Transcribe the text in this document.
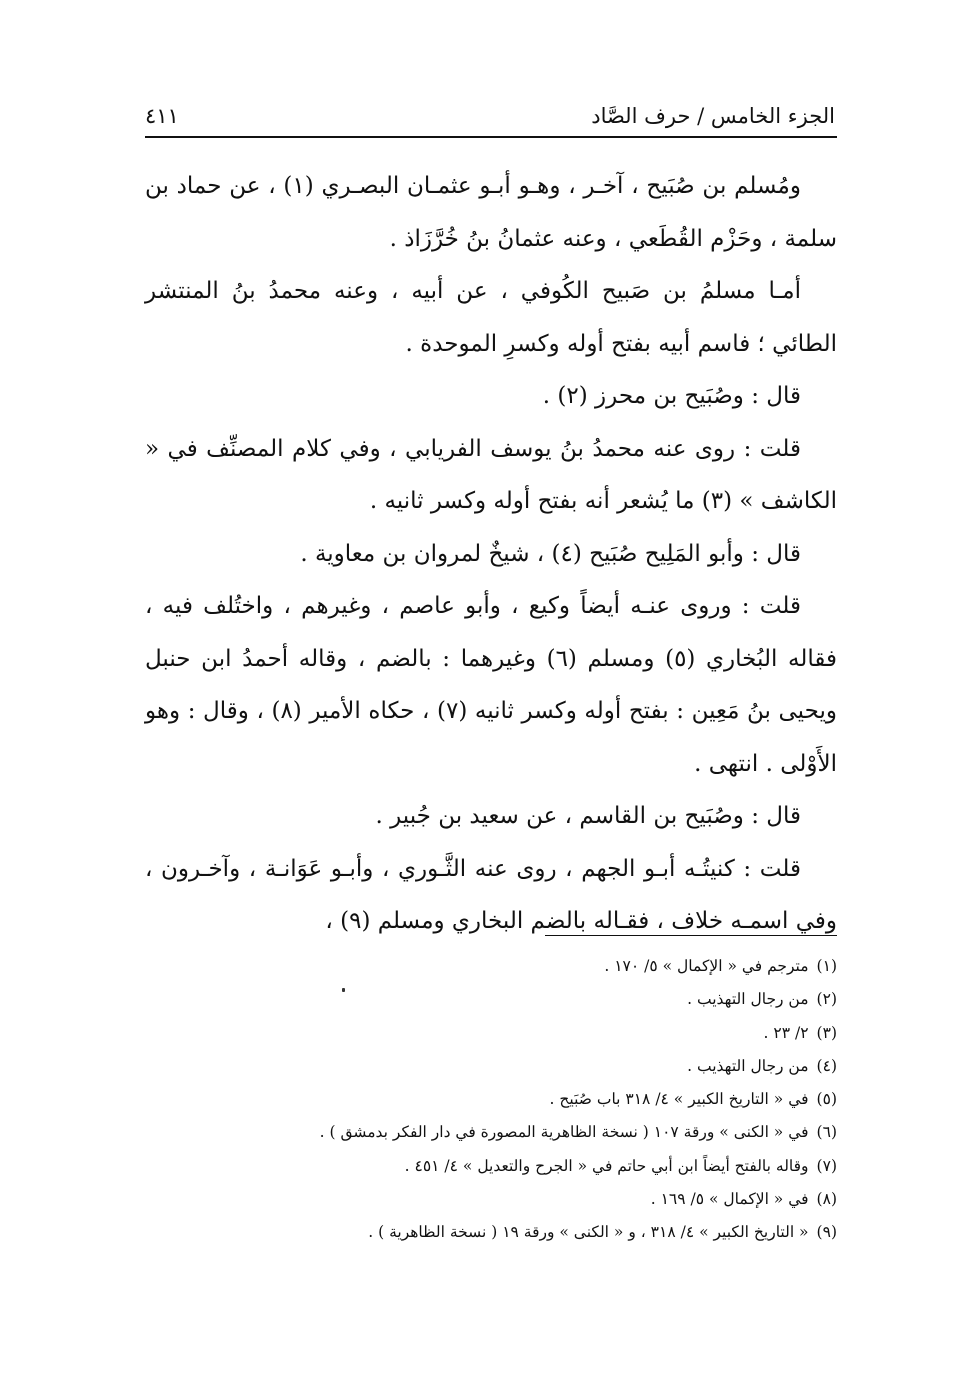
الجزء الخامس / حرف الصَّاد
٤١١

ومُسلم بن صُبَيح ، آخـر ، وهـو أبـو عثمـان البصـري (١) ، عن حماد بن سلمة ، وحَزْم القُطَعي ، وعنه عثمانُ بنُ خُرَّزَاذ .

أمـا مسلمُ بن صَبيح الكُوفي ، عن أبيه ، وعنه محمدُ بنُ المنتشر الطائي ؛ فاسم أبيه بفتح أوله وكسرِ الموحدة .

قال : وصُبَيح بن محرز (٢) .

قلت : روى عنه محمدُ بنُ يوسف الفريابي ، وفي كلام المصنِّف في « الكاشف » (٣) ما يُشعر أنه بفتح أوله وكسر ثانيه .

قال : وأبو المَلِيح صُبَيح (٤) ، شيخٌ لمروان بن معاوية .

قلت : وروى عنـه أيضاً وكيع ، وأبو عاصم ، وغيرهم ، واختُلف فيه ، فقاله البُخاري (٥) ومسلم (٦) وغيرهما : بالضم ، وقاله أحمدُ ابن حنبل ويحيى بنُ مَعِين : بفتح أوله وكسر ثانيه (٧) ، حكاه الأمير (٨) ، وقال : وهو الأَوْلى . انتهى .

قال : وصُبَيح بن القاسم ، عن سعيد بن جُبير .

قلت : كنيتُـه أبـو الجهم ، روى عنه الثَّـوري ، وأبـو عَوَانـة ، وآخـرون ، وفي اسمـه خلاف ، فقـاله بالضم البخاري ومسلم (٩) ،

(١)مترجم في « الإكمال » ٥/ ١٧٠ .

(٢)من رجال التهذيب .

(٣)٢/ ٢٣ .

(٤)من رجال التهذيب .

(٥)في « التاريخ الكبير » ٤/ ٣١٨ باب صُبَيح .

(٦)في « الكنى » ورقة ١٠٧ ( نسخة الظاهرية المصورة في دار الفكر بدمشق ) .

(٧)وقاله بالفتح أيضاً ابن أبي حاتم في « الجرح والتعديل » ٤/ ٤٥١ .

(٨)في « الإكمال » ٥/ ١٦٩ .

(٩)« التاريخ الكبير » ٤/ ٣١٨ ، و « الكنى » ورقة ١٩ ( نسخة الظاهرية ) .
